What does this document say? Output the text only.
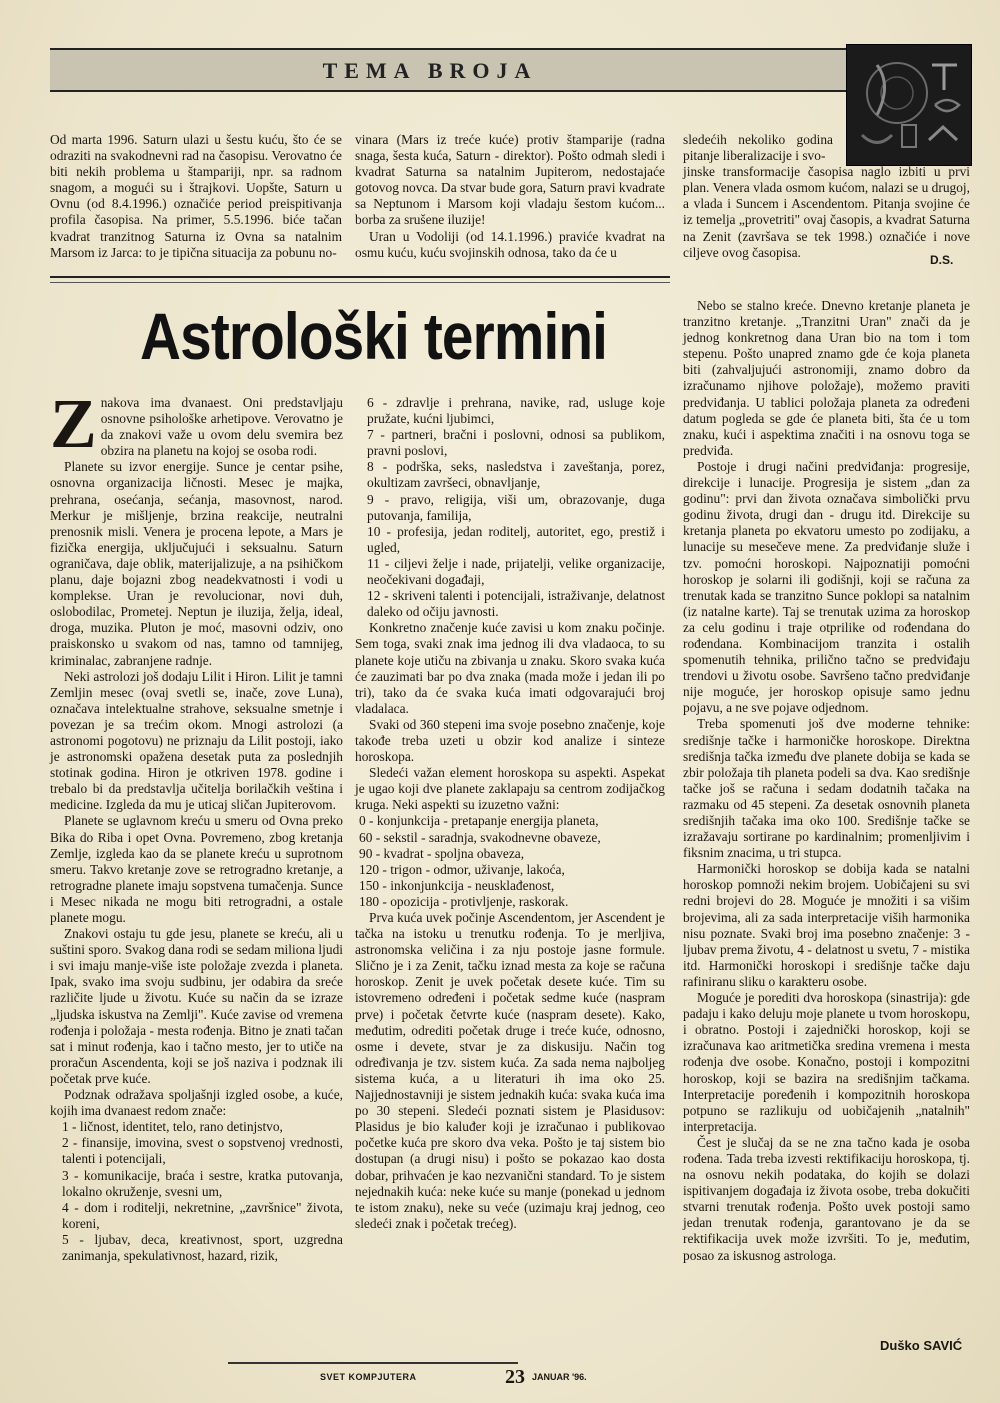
TEMA BROJA

Od marta 1996. Saturn ulazi u šestu kuću, što će se odraziti na svakodnevni rad na časopisu. Verovatno će biti nekih problema u štampariji, npr. sa radnom snagom, a mogući su i štrajkovi. Uopšte, Saturn u Ovnu (od 8.4.1996.) označiće period preispitivanja profila časopisa. Na primer, 5.5.1996. biće tačan kvadrat tranzitnog Saturna iz Ovna sa natalnim Marsom iz Jarca: to je tipična situacija za pobunu no-

vinara (Mars iz treće kuće) protiv štamparije (radna snaga, šesta kuća, Saturn - direktor). Pošto odmah sledi i kvadrat Saturna sa natalnim Jupiterom, nedostajaće gotovog novca. Da stvar bude gora, Saturn pravi kvadrate sa Neptunom i Marsom koji vladaju šestom kućom... borba za srušene iluzije!

Uran u Vodoliji (od 14.1.1996.) praviće kvadrat na osmu kuću, kuću svojinskih odnosa, tako da će u

sledećih nekoliko godina pitanje liberalizacije i svo-

jinske transformacije časopisa naglo izbiti u prvi plan. Venera vlada osmom kućom, nalazi se u drugoj, a vlada i Suncem i Ascendentom. Pitanja svojine će iz temelja „provetriti" ovaj časopis, a kvadrat Saturna na Zenit (završava se tek 1998.) označiće i nove ciljeve ovog časopisa.

D.S.
Astrološki termini
Z nakova ima dvanaest. Oni predstavljaju osnovne psihološke arhetipove. Verovatno je da znakovi važe u ovom delu svemira bez obzira na planetu na kojoj se osoba rodi.

Planete su izvor energije. Sunce je centar psihe, osnovna organizacija ličnosti. Mesec je majka, prehrana, osećanja, sećanja, masovnost, narod. Merkur je mišljenje, brzina reakcije, neutralni prenosnik misli. Venera je procena lepote, a Mars je fizička energija, uključujući i seksualnu. Saturn ograničava, daje oblik, materijalizuje, a na psihičkom planu, daje bojazni zbog neadekvatnosti i vodi u komplekse. Uran je revolucionar, novi duh, oslobodilac, Prometej. Neptun je iluzija, želja, ideal, droga, muzika. Pluton je moć, masovni odziv, ono praiskonsko u svakom od nas, tamno od tamnijeg, kriminalac, zabranjene radnje.

Neki astrolozi još dodaju Lilit i Hiron. Lilit je tamni Zemljin mesec (ovaj svetli se, inače, zove Luna), označava intelektualne strahove, seksualne smetnje i povezan je sa trećim okom. Mnogi astrolozi (a astronomi pogotovu) ne priznaju da Lilit postoji, iako je astronomski opažena desetak puta za poslednjih stotinak godina. Hiron je otkriven 1978. godine i trebalo bi da predstavlja učitelja borilačkih veština i medicine. Izgleda da mu je uticaj sličan Jupiterovom.

Planete se uglavnom kreću u smeru od Ovna preko Bika do Riba i opet Ovna. Povremeno, zbog kretanja Zemlje, izgleda kao da se planete kreću u suprotnom smeru. Takvo kretanje zove se retrogradno kretanje, a retrogradne planete imaju sopstvena tumačenja. Sunce i Mesec nikada ne mogu biti retrogradni, a ostale planete mogu.

Znakovi ostaju tu gde jesu, planete se kreću, ali u suštini sporo. Svakog dana rodi se sedam miliona ljudi i svi imaju manje-više iste položaje zvezda i planeta. Ipak, svako ima svoju sudbinu, jer odabira da sreće različite ljude u životu. Kuće su način da se izraze „ljudska iskustva na Zemlji". Kuće zavise od vremena rođenja i položaja - mesta rođenja. Bitno je znati tačan sat i minut rođenja, kao i tačno mesto, jer to utiče na proračun Ascendenta, koji se još naziva i podznak ili početak prve kuće.

Podznak odražava spoljašnji izgled osobe, a kuće, kojih ima dvanaest redom znače:

1 - ličnost, identitet, telo, rano detinjstvo,

2 - finansije, imovina, svest o sopstvenoj vrednosti, talenti i potencijali,

3 - komunikacije, braća i sestre, kratka putovanja, lokalno okruženje, svesni um,

4 - dom i roditelji, nekretnine, „završnice" života, koreni,

5 - ljubav, deca, kreativnost, sport, uzgredna zanimanja, spekulativnost, hazard, rizik,

6 - zdravlje i prehrana, navike, rad, usluge koje pružate, kućni ljubimci,

7 - partneri, bračni i poslovni, odnosi sa publikom, pravni poslovi,

8 - podrška, seks, nasledstva i zaveštanja, porez, okultizam završeci, obnavljanje,

9 - pravo, religija, viši um, obrazovanje, duga putovanja, familija,

10 - profesija, jedan roditelj, autoritet, ego, prestiž i ugled,

11 - ciljevi želje i nade, prijatelji, velike organizacije, neočekivani događaji,

12 - skriveni talenti i potencijali, istraživanje, delatnost daleko od očiju javnosti.

Konkretno značenje kuće zavisi u kom znaku počinje. Sem toga, svaki znak ima jednog ili dva vladaoca, to su planete koje utiču na zbivanja u znaku. Skoro svaka kuća će zauzimati bar po dva znaka (mada može i jedan ili po tri), tako da će svaka kuća imati odgovarajući broj vladalaca.

Svaki od 360 stepeni ima svoje posebno značenje, koje takođe treba uzeti u obzir kod analize i sinteze horoskopa.

Sledeći važan element horoskopa su aspekti. Aspekat je ugao koji dve planete zaklapaju sa centrom zodijačkog kruga. Neki aspekti su izuzetno važni:

0 - konjunkcija - pretapanje energija planeta,

60 - sekstil - saradnja, svakodnevne obaveze,

90 - kvadrat - spoljna obaveza,

120 - trigon - odmor, uživanje, lakoća,

150 - inkonjunkcija - neusklađenost,

180 - opozicija - protivljenje, raskorak.

Prva kuća uvek počinje Ascendentom, jer Ascendent je tačka na istoku u trenutku rođenja. To je merljiva, astronomska veličina i za nju postoje jasne formule. Slično je i za Zenit, tačku iznad mesta za koje se računa horoskop. Zenit je uvek početak desete kuće. Tim su istovremeno određeni i početak sedme kuće (naspram prve) i početak četvrte kuće (naspram desete). Kako, međutim, odrediti početak druge i treće kuće, odnosno, osme i devete, stvar je za diskusiju. Način tog određivanja je tzv. sistem kuća. Za sada nema najboljeg sistema kuća, a u literaturi ih ima oko 25. Najjednostavniji je sistem jednakih kuća: svaka kuća ima po 30 stepeni. Sledeći poznati sistem je Plasidusov: Plasidus je bio kaluđer koji je izračunao i publikovao početke kuća pre skoro dva veka. Pošto je taj sistem bio dostupan (a drugi nisu) i pošto se pokazao kao dosta dobar, prihvaćen je kao nezvanični standard. To je sistem nejednakih kuća: neke kuće su manje (ponekad u jednom te istom znaku), neke su veće (uzimaju kraj jednog, ceo sledeći znak i početak trećeg).

Nebo se stalno kreće. Dnevno kretanje planeta je tranzitno kretanje. „Tranzitni Uran" znači da je jednog konkretnog dana Uran bio na tom i tom stepenu. Pošto unapred znamo gde će koja planeta biti (zahvaljujući astronomiji, znamo dobro da izračunamo njihove položaje), možemo praviti predviđanja. U tablici položaja planeta za određeni datum pogleda se gde će planeta biti, šta će u tom znaku, kući i aspektima značiti i na osnovu toga se predviđa.

Postoje i drugi načini predviđanja: progresije, direkcije i lunacije. Progresija je sistem „dan za godinu": prvi dan života označava simbolički prvu godinu života, drugi dan - drugu itd. Direkcije su kretanja planeta po ekvatoru umesto po zodijaku, a lunacije su mesečeve mene. Za predviđanje služe i tzv. pomoćni horoskopi. Najpoznatiji pomoćni horoskop je solarni ili godišnji, koji se računa za trenutak kada se tranzitno Sunce poklopi sa natalnim (iz natalne karte). Taj se trenutak uzima za horoskop za celu godinu i traje otprilike od rođendana do rođendana. Kombinacijom tranzita i ostalih spomenutih tehnika, prilično tačno se predviđaju trendovi u životu osobe. Savršeno tačno predviđanje nije moguće, jer horoskop opisuje samo jednu pojavu, a ne sve pojave odjednom.

Treba spomenuti još dve moderne tehnike: središnje tačke i harmoničke horoskope. Direktna središnja tačka između dve planete dobija se kada se zbir položaja tih planeta podeli sa dva. Kao središnje tačke još se računa i sedam dodatnih tačaka na razmaku od 45 stepeni. Za desetak osnovnih planeta središnjih tačaka ima oko 100. Središnje tačke se izražavaju sortirane po kardinalnim; promenljivim i fiksnim znacima, u tri stupca.

Harmonički horoskop se dobija kada se natalni horoskop pomnoži nekim brojem. Uobičajeni su svi redni brojevi do 28. Moguće je množiti i sa višim brojevima, ali za sada interpretacije viših harmonika nisu poznate. Svaki broj ima posebno značenje: 3 - ljubav prema životu, 4 - delatnost u svetu, 7 - mistika itd. Harmonički horoskopi i središnje tačke daju rafiniranu sliku o karakteru osobe.

Moguće je porediti dva horoskopa (sinastrija): gde padaju i kako deluju moje planete u tvom horoskopu, i obratno. Postoji i zajednički horoskop, koji se izračunava kao aritmetička sredina vremena i mesta rođenja dve osobe. Konačno, postoji i kompozitni horoskop, koji se bazira na središnjim tačkama. Interpretacije poređenih i kompozitnih horoskopa potpuno se razlikuju od uobičajenih „natalnih" interpretacija.

Čest je slučaj da se ne zna tačno kada je osoba rođena. Tada treba izvesti rektifikaciju horoskopa, tj. na osnovu nekih podataka, do kojih se dolazi ispitivanjem događaja iz života osobe, treba dokučiti stvarni trenutak rođenja. Pošto uvek postoji samo jedan trenutak rođenja, garantovano je da se rektifikacija uvek može izvršiti. To je, međutim, posao za iskusnog astrologa.

Duško SAVIĆ
SVET KOMPJUTERA	23 JANUAR '96.
